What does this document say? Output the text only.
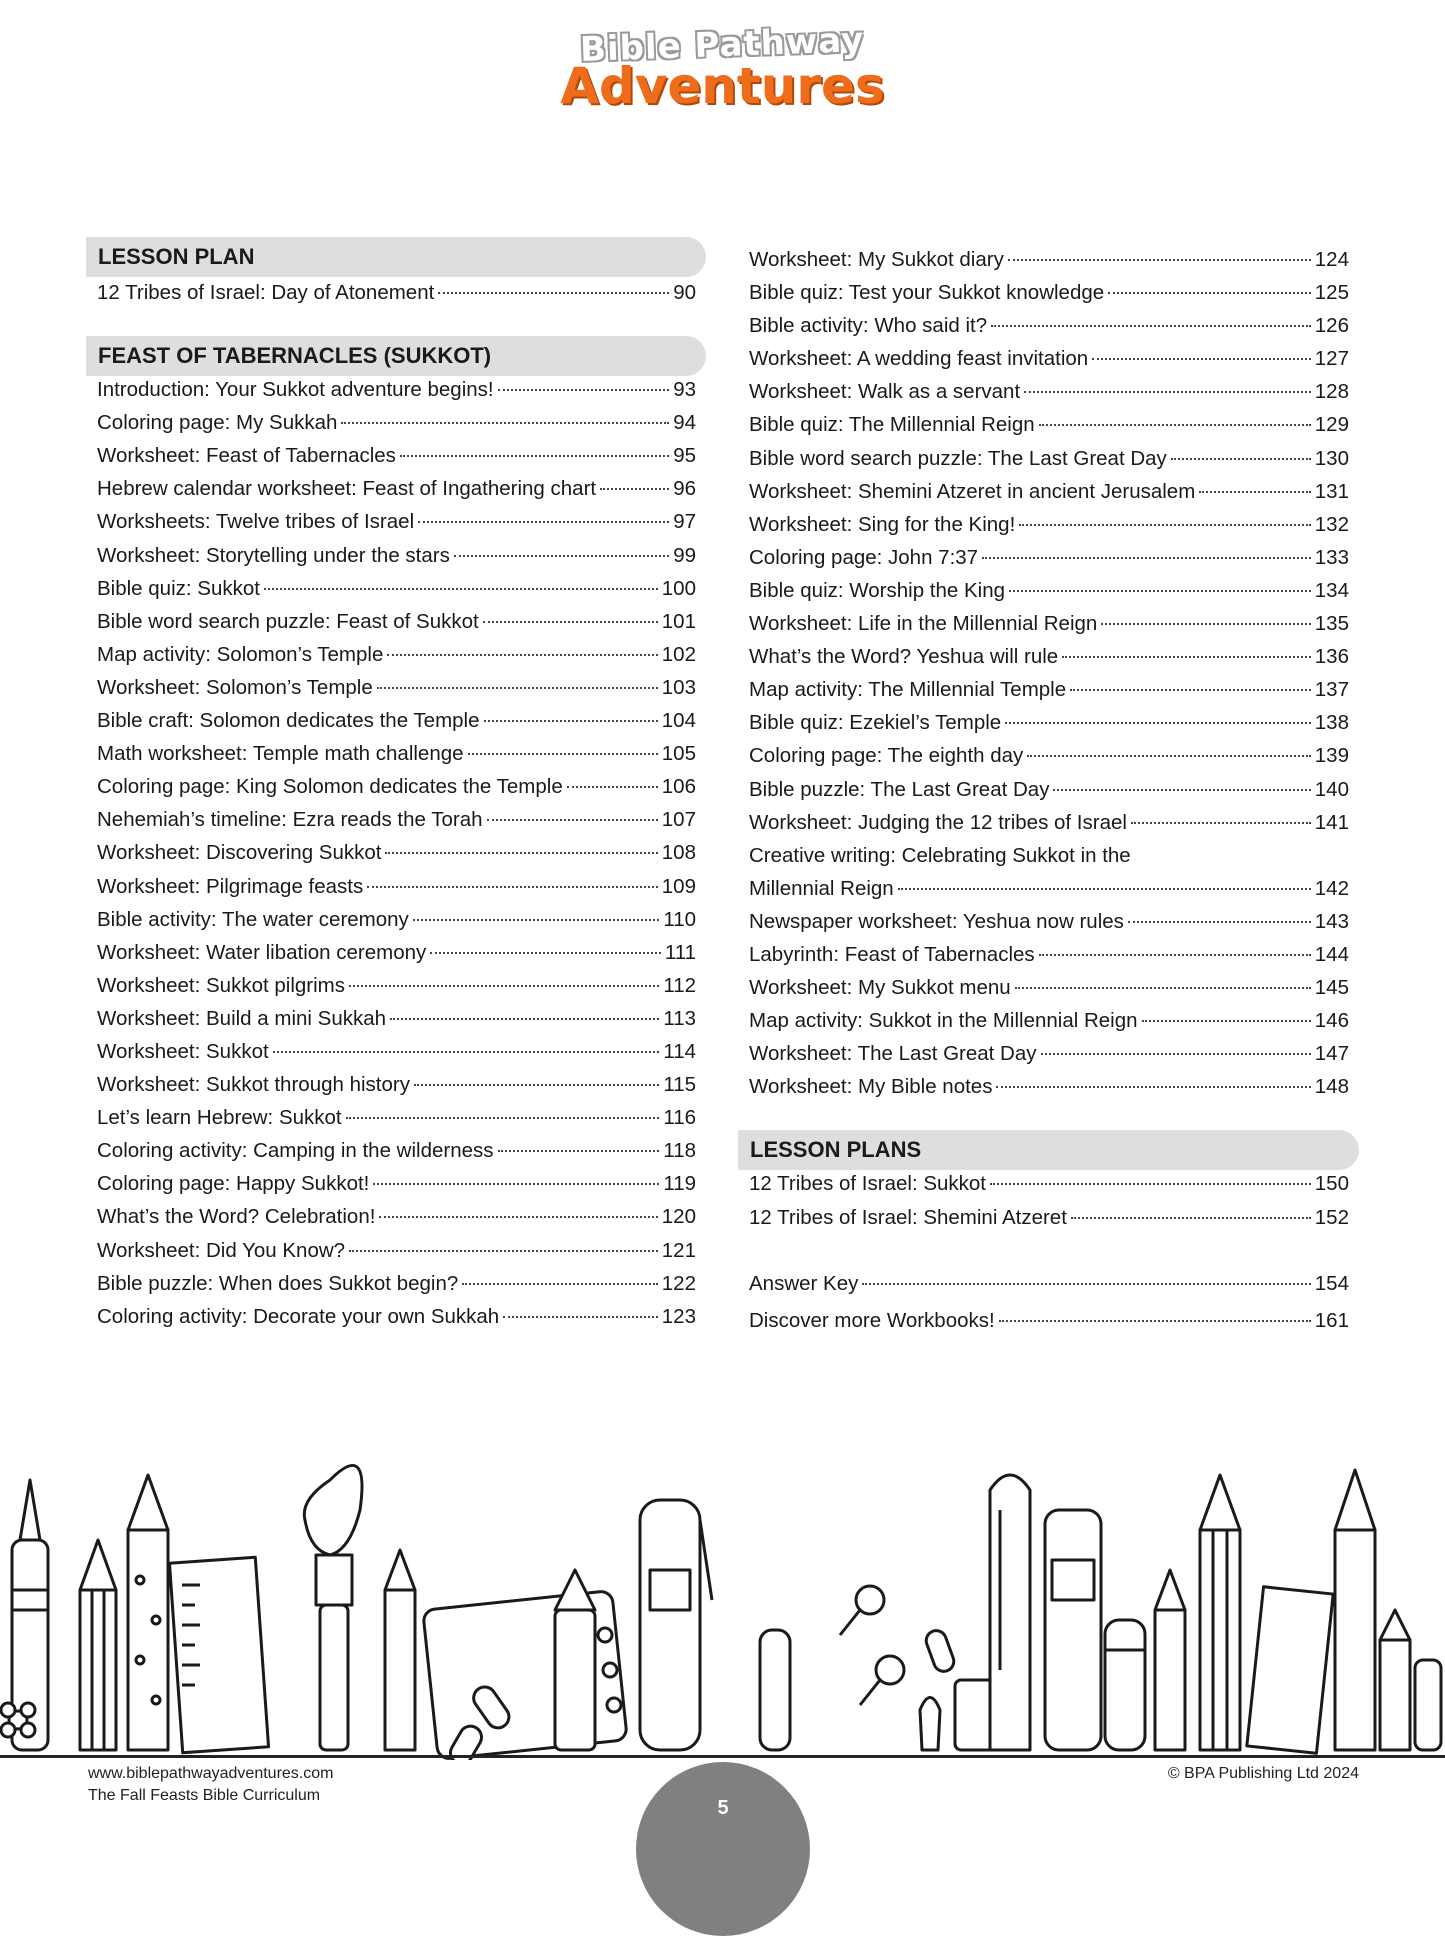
Bible Pathway
Adventures
LESSON PLAN
12 Tribes of Israel: Day of Atonement	90
FEAST OF TABERNACLES (SUKKOT)
Introduction: Your Sukkot adventure begins!	93
Coloring page: My Sukkah	94
Worksheet: Feast of Tabernacles	95
Hebrew calendar worksheet: Feast of Ingathering chart	96
Worksheets: Twelve tribes of Israel	97
Worksheet: Storytelling under the stars	99
Bible quiz: Sukkot	100
Bible word search puzzle: Feast of Sukkot	101
Map activity: Solomon’s Temple	102
Worksheet: Solomon’s Temple	103
Bible craft: Solomon dedicates the Temple	104
Math worksheet: Temple math challenge	105
Coloring page: King Solomon dedicates the Temple	106
Nehemiah’s timeline: Ezra reads the Torah	107
Worksheet: Discovering Sukkot	108
Worksheet: Pilgrimage feasts	109
Bible activity: The water ceremony	110
Worksheet: Water libation ceremony	111
Worksheet: Sukkot pilgrims	112
Worksheet: Build a mini Sukkah	113
Worksheet: Sukkot	114
Worksheet: Sukkot through history	115
Let’s learn Hebrew: Sukkot	116
Coloring activity: Camping in the wilderness	118
Coloring page: Happy Sukkot!	119
What’s the Word? Celebration!	120
Worksheet: Did You Know?	121
Bible puzzle: When does Sukkot begin?	122
Coloring activity: Decorate your own Sukkah	123
Worksheet: My Sukkot diary	124
Bible quiz: Test your Sukkot knowledge	125
Bible activity: Who said it?	126
Worksheet: A wedding feast invitation	127
Worksheet: Walk as a servant	128
Bible quiz: The Millennial Reign	129
Bible word search puzzle: The Last Great Day	130
Worksheet: Shemini Atzeret in ancient Jerusalem	131
Worksheet: Sing for the King!	132
Coloring page: John 7:37	133
Bible quiz: Worship the King	134
Worksheet: Life in the Millennial Reign	135
What’s the Word? Yeshua will rule	136
Map activity: The Millennial Temple	137
Bible quiz: Ezekiel’s Temple	138
Coloring page: The eighth day	139
Bible puzzle: The Last Great Day	140
Worksheet: Judging the 12 tribes of Israel	141
Creative writing: Celebrating Sukkot in the
Millennial Reign	142
Newspaper worksheet: Yeshua now rules	143
Labyrinth: Feast of Tabernacles	144
Worksheet: My Sukkot menu	145
Map activity: Sukkot in the Millennial Reign	146
Worksheet: The Last Great Day	147
Worksheet: My Bible notes	148
LESSON PLANS
12 Tribes of Israel: Sukkot	150
12 Tribes of Israel: Shemini Atzeret	152
Answer Key	154
Discover more Workbooks!	161
www.biblepathwayadventures.com
The Fall Feasts Bible Curriculum
© BPA Publishing Ltd 2024
5
